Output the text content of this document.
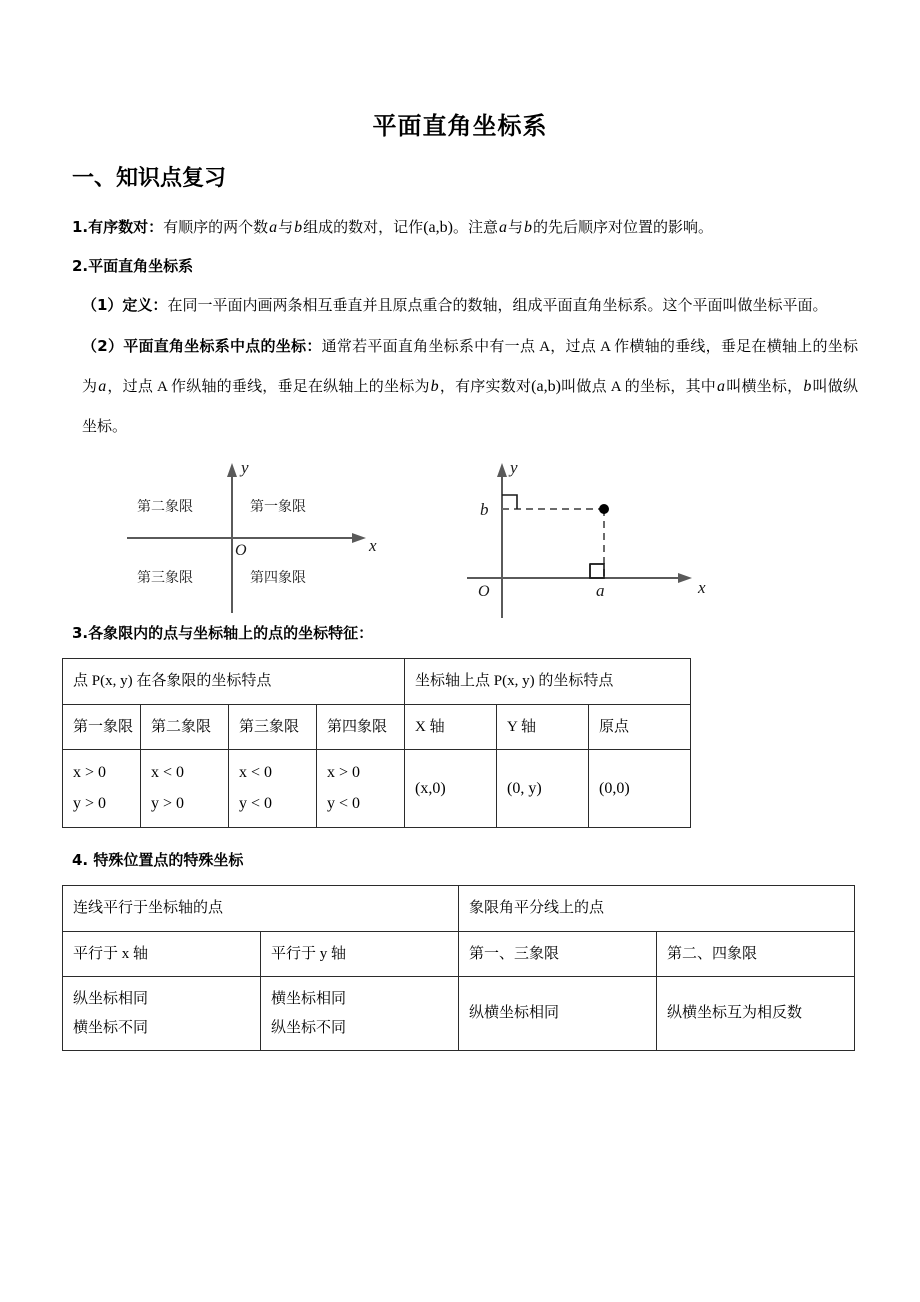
平面直角坐标系
一、知识点复习

1.有序数对：有顺序的两个数a与b组成的数对，记作(a,b)。注意a与b的先后顺序对位置的影响。

2.平面直角坐标系

（1）定义：在同一平面内画两条相互垂直并且原点重合的数轴，组成平面直角坐标系。这个平面叫做坐标平面。

（2）平面直角坐标系中点的坐标：通常若平面直角坐标系中有一点 A，过点 A 作横轴的垂线，垂足在横轴上的坐标为a，过点 A 作纵轴的垂线，垂足在纵轴上的坐标为b，有序实数对(a,b)叫做点 A 的坐标，其中a叫横坐标，b叫做纵坐标。

y
x
O
第二象限	第一象限
第三象限	第四象限
y
x
b
a
O
3.各象限内的点与坐标轴上的点的坐标特征：
点 P(x, y) 在各象限的坐标特点				坐标轴上点 P(x, y) 的坐标特点		
第一象限	第二象限	第三象限	第四象限	X 轴	Y 轴	原点

x > 0
y > 0

x < 0
y > 0

x < 0
y < 0

x > 0
y < 0

(x,0)	(0, y)	(0,0)
4. 特殊位置点的特殊坐标
连线平行于坐标轴的点		象限角平分线上的点	
平行于 x 轴	平行于 y 轴	第一、三象限	第二、四象限

纵坐标相同
横坐标不同

横坐标相同
纵坐标不同

纵横坐标相同	纵横坐标互为相反数
